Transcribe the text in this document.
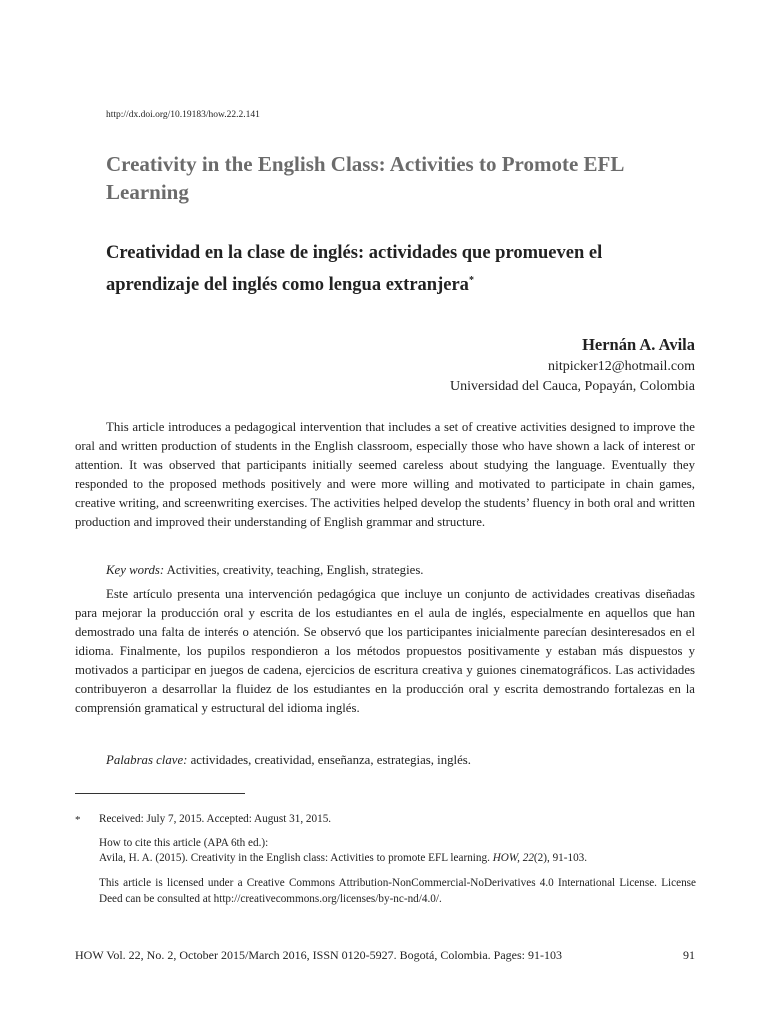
http://dx.doi.org/10.19183/how.22.2.141
Creativity in the English Class: Activities to Promote EFL Learning
Creatividad en la clase de inglés: actividades que promueven el aprendizaje del inglés como lengua extranjera*
Hernán A. Avila
nitpicker12@hotmail.com
Universidad del Cauca, Popayán, Colombia

This article introduces a pedagogical intervention that includes a set of creative activities designed to improve the oral and written production of students in the English classroom, especially those who have shown a lack of interest or attention. It was observed that participants initially seemed careless about studying the language. Eventually they responded to the proposed methods positively and were more willing and motivated to participate in chain games, creative writing, and screenwriting exercises. The activities helped develop the students’ fluency in both oral and written production and improved their understanding of English grammar and structure.

Key words: Activities, creativity, teaching, English, strategies.

Este artículo presenta una intervención pedagógica que incluye un conjunto de actividades creativas diseñadas para mejorar la producción oral y escrita de los estudiantes en el aula de inglés, especialmente en aquellos que han demostrado una falta de interés o atención. Se observó que los participantes inicialmente parecían desinteresados en el idioma. Finalmente, los pupilos respondieron a los métodos propuestos positivamente y estaban más dispuestos y motivados a participar en juegos de cadena, ejercicios de escritura creativa y guiones cinematográficos. Las actividades contribuyeron a desarrollar la fluidez de los estudiantes en la producción oral y escrita demostrando fortalezas en la comprensión gramatical y estructural del idioma inglés.

Palabras clave: actividades, creatividad, enseñanza, estrategias, inglés.
* Received: July 7, 2015. Accepted: August 31, 2015.

How to cite this article (APA 6th ed.):

Avila, H. A. (2015). Creativity in the English class: Activities to promote EFL learning. HOW, 22(2), 91-103.

This article is licensed under a Creative Commons Attribution-NonCommercial-NoDerivatives 4.0 International License. License Deed can be consulted at http://creativecommons.org/licenses/by-nc-nd/4.0/.

HOW Vol. 22, No. 2, October 2015/March 2016, ISSN 0120-5927. Bogotá, Colombia. Pages: 91-103	91
